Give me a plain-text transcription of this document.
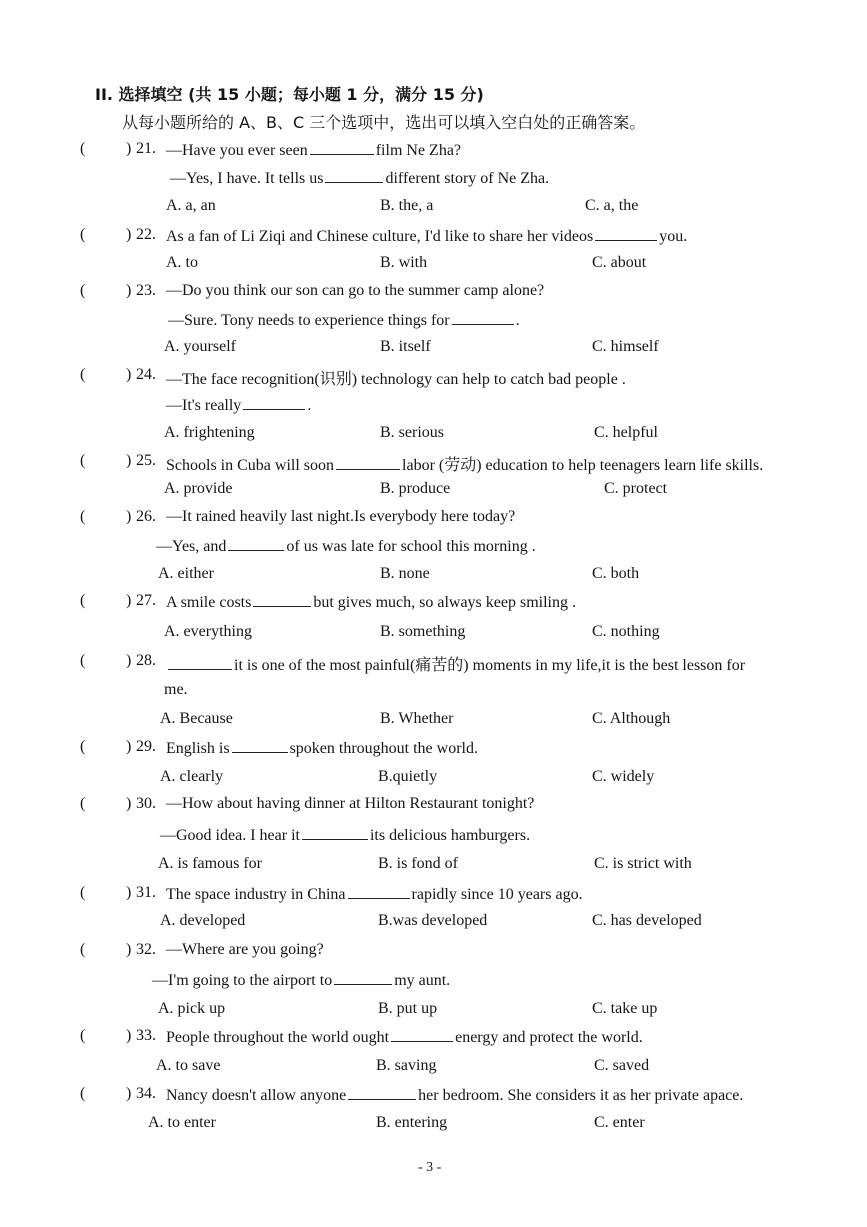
II. 选择填空 (共 15 小题；每小题 1 分，满分 15 分)
从每小题所给的 A、B、C 三个选项中，选出可以填入空白处的正确答案。
(	) 21. —Have you ever seen	film Ne Zha?
—Yes, I have. It tells us	different story of Ne Zha.
A. a, an	B. the, a	C. a, the
(	) 22. As a fan of Li Ziqi and Chinese culture, I'd like to share her videos	you.
A. to	B. with	C. about
(	) 23. —Do you think our son can go to the summer camp alone?
—Sure. Tony needs to experience things for	.
A. yourself	B. itself	C. himself
(	) 24. —The face recognition(识别) technology can help to catch bad people .
—It's really	.
A. frightening	B. serious	C. helpful
(	) 25. Schools in Cuba will soon	labor (劳动) education to help teenagers learn life skills.
A. provide	B. produce	C. protect
(	) 26. —It rained heavily last night.Is everybody here today?
—Yes, and	of us was late for school this morning .
A. either	B. none	C. both
(	) 27. A smile costs	but gives much, so always keep smiling .
A. everything	B. something	C. nothing
(	) 28.	it is one of the most painful(痛苦的) moments in my life,it is the best lesson for
me.
A. Because	B. Whether	C. Although
(	) 29. English is	spoken throughout the world.
A. clearly	B.quietly	C. widely
(	) 30. —How about having dinner at Hilton Restaurant tonight?
—Good idea. I hear it	its delicious hamburgers.
A. is famous for	B. is fond of	C. is strict with
(	) 31. The space industry in China	rapidly since 10 years ago.
A. developed	B.was developed	C. has developed
(	) 32. —Where are you going?
—I'm going to the airport to	my aunt.
A. pick up	B. put up	C. take up
(	) 33. People throughout the world ought	energy and protect the world.
A. to save	B. saving	C. saved
(	) 34. Nancy doesn't allow anyone	her bedroom. She considers it as her private apace.
A. to enter	B. entering	C. enter
- 3 -
